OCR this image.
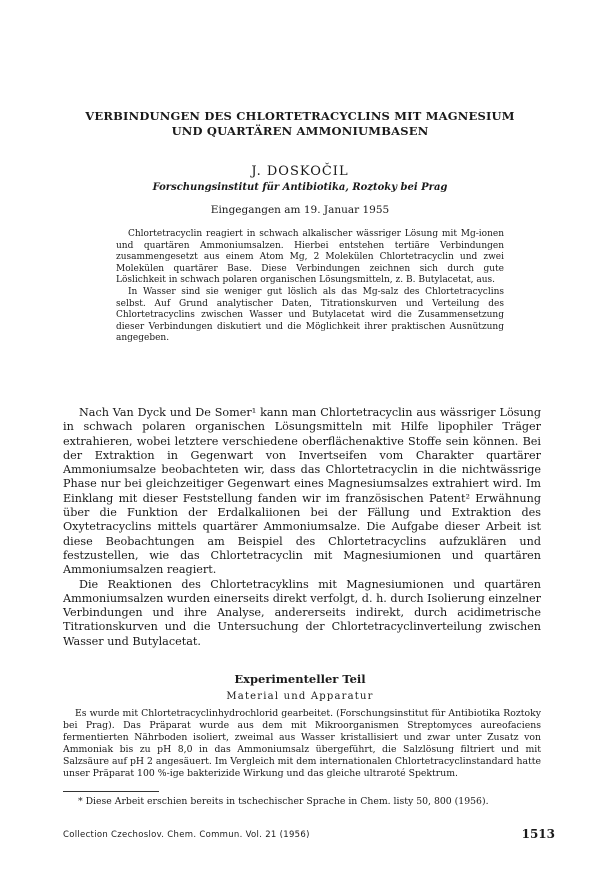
VERBINDUNGEN DES CHLORTETRACYCLINS MIT MAGNESIUM
UND QUARTÄREN AMMONIUMBASEN
J. DOSKOČIL
Forschungsinstitut für Antibiotika, Roztoky bei Prag
Eingegangen am 19. Januar 1955

Chlortetracyclin reagiert in schwach alkalischer wässriger Lösung mit Mg-ionen und quartären Ammoniumsalzen. Hierbei entstehen tertiäre Verbindungen zusammengesetzt aus einem Atom Mg, 2 Molekülen Chlortetracyclin und zwei Molekülen quartärer Base. Diese Verbindungen zeichnen sich durch gute Löslichkeit in schwach polaren organischen Lösungsmitteln, z. B. Butylacetat, aus.

In Wasser sind sie weniger gut löslich als das Mg-salz des Chlortetracyclins selbst. Auf Grund analytischer Daten, Titrationskurven und Verteilung des Chlortetracyclins zwischen Wasser und Butylacetat wird die Zusammensetzung dieser Verbindungen diskutiert und die Möglichkeit ihrer praktischen Ausnützung angegeben.

Nach Van Dyck und De Somer¹ kann man Chlortetracyclin aus wässriger Lösung in schwach polaren organischen Lösungsmitteln mit Hilfe lipophiler Träger extrahieren, wobei letztere verschiedene oberflächenaktive Stoffe sein können. Bei der Extraktion in Gegenwart von Invertseifen vom Charakter quartärer Ammoniumsalze beobachteten wir, dass das Chlortetracyclin in die nichtwässrige Phase nur bei gleichzeitiger Gegenwart eines Magnesiumsalzes extrahiert wird. Im Einklang mit dieser Feststellung fanden wir im französischen Patent² Erwähnung über die Funktion der Erdalkaliionen bei der Fällung und Extraktion des Oxytetracyclins mittels quartärer Ammoniumsalze. Die Aufgabe dieser Arbeit ist diese Beobachtungen am Beispiel des Chlortetracyclins aufzuklären und festzustellen, wie das Chlortetracyclin mit Magnesiumionen und quartären Ammoniumsalzen reagiert.

Die Reaktionen des Chlortetracyklins mit Magnesiumionen und quartären Ammoniumsalzen wurden einerseits direkt verfolgt, d. h. durch Isolierung einzelner Verbindungen und ihre Analyse, andererseits indirekt, durch acidimetrische Titrationskurven und die Untersuchung der Chlortetracyclinverteilung zwischen Wasser und Butylacetat.

Experimenteller Teil
Material und Apparatur

Es wurde mit Chlortetracyclinhydrochlorid gearbeitet. (Forschungsinstitut für Antibiotika Roztoky bei Prag). Das Präparat wurde aus dem mit Mikroorganismen Streptomyces aureofaciens fermentierten Nährboden isoliert, zweimal aus Wasser kristallisiert und zwar unter Zusatz von Ammoniak bis zu pH 8,0 in das Ammoniumsalz übergeführt, die Salzlösung filtriert und mit Salzsäure auf pH 2 angesäuert. Im Vergleich mit dem internationalen Chlortetracyclinstandard hatte unser Präparat 100 %-ige bakterizide Wirkung und das gleiche ultraroté Spektrum.

* Diese Arbeit erschien bereits in tschechischer Sprache in Chem. listy 50, 800 (1956).
Collection Czechoslov. Chem. Commun. Vol. 21 (1956)	1513
